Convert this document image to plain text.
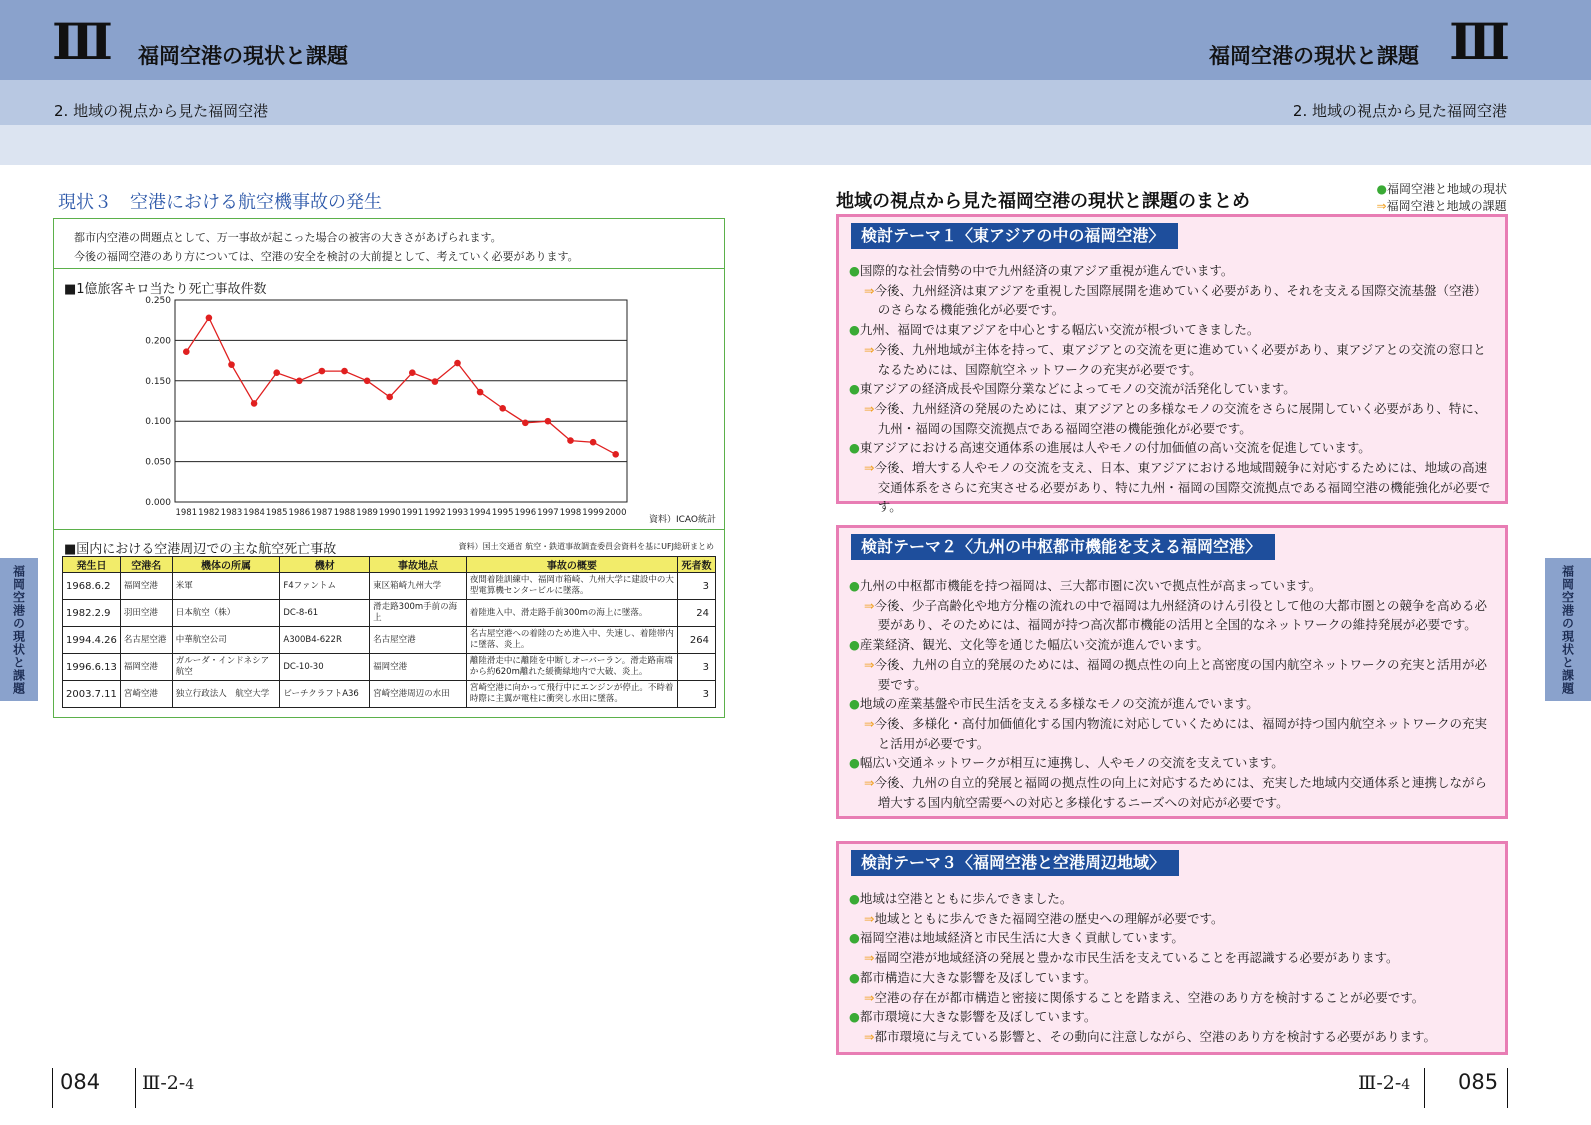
Ⅲ 福岡空港の現状と課題	Ⅲ
福岡空港の現状と課題
2. 地域の視点から見た福岡空港	2. 地域の視点から見た福岡空港
福岡空港の現状と課題	福岡空港の現状と課題
現状３　空港における航空機事故の発生
都市内空港の問題点として、万一事故が起こった場合の被害の大きさがあげられます。
今後の福岡空港のあり方については、空港の安全を検討の大前提として、考えていく必要があります。
■1億旅客キロ当たり死亡事故件数
0.000
0.050
0.100
0.150
0.200
0.250
1981 1982 1983 1984 1985 1986 1987 1988 1989 1990 1991 1992 1993 1994 1995 1996 1997 1998 1999 2000
資料）ICAO統計
■国内における空港周辺での主な航空死亡事故	資料）国土交通省 航空・鉄道事故調査委員会資料を基にUFJ総研まとめ
発生日	空港名	機体の所属	機材	事故地点	事故の概要	死者数
1968.6.2	福岡空港	米軍	F4ファントム	東区箱崎九州大学	夜間着陸訓練中、福岡市箱崎、九州大学に建設中の大型電算機センタービルに墜落。	3
1982.2.9	羽田空港	日本航空（株）	DC-8-61	滑走路300m手前の海上	着陸進入中、滑走路手前300mの海上に墜落。	24
1994.4.26	名古屋空港	中華航空公司	A300B4-622R	名古屋空港	名古屋空港への着陸のため進入中、失速し、着陸帯内に墜落、炎上。	264
1996.6.13	福岡空港	ガルーダ・インドネシア航空	DC-10-30	福岡空港	離陸滑走中に離陸を中断しオーバーラン。滑走路南端から約620m離れた緩衝緑地内で大破、炎上。	3
2003.7.11	宮崎空港	独立行政法人　航空大学	ビーチクラフトA36	宮崎空港周辺の水田	宮崎空港に向かって飛行中にエンジンが停止。不時着時際に主翼が電柱に衝突し水田に墜落。	3
地域の視点から見た福岡空港の現状と課題のまとめ
●福岡空港と地域の現状
⇒福岡空港と地域の課題
検討テーマ１〈東アジアの中の福岡空港〉
●国際的な社会情勢の中で九州経済の東アジア重視が進んでいます。
⇒今後、九州経済は東アジアを重視した国際展開を進めていく必要があり、それを支える国際交流基盤（空港）のさらなる機能強化が必要です。
●九州、福岡では東アジアを中心とする幅広い交流が根づいてきました。
⇒今後、九州地域が主体を持って、東アジアとの交流を更に進めていく必要があり、東アジアとの交流の窓口となるためには、国際航空ネットワークの充実が必要です。
●東アジアの経済成長や国際分業などによってモノの交流が活発化しています。
⇒今後、九州経済の発展のためには、東アジアとの多様なモノの交流をさらに展開していく必要があり、特に、九州・福岡の国際交流拠点である福岡空港の機能強化が必要です。
●東アジアにおける高速交通体系の進展は人やモノの付加価値の高い交流を促進しています。
⇒今後、増大する人やモノの交流を支え、日本、東アジアにおける地域間競争に対応するためには、地域の高速交通体系をさらに充実させる必要があり、特に九州・福岡の国際交流拠点である福岡空港の機能強化が必要です。
検討テーマ２〈九州の中枢都市機能を支える福岡空港〉
●九州の中枢都市機能を持つ福岡は、三大都市圏に次いで拠点性が高まっています。
⇒今後、少子高齢化や地方分権の流れの中で福岡は九州経済のけん引役として他の大都市圏との競争を高める必要があり、そのためには、福岡が持つ高次都市機能の活用と全国的なネットワークの維持発展が必要です。
●産業経済、観光、文化等を通じた幅広い交流が進んでいます。
⇒今後、九州の自立的発展のためには、福岡の拠点性の向上と高密度の国内航空ネットワークの充実と活用が必要です。
●地域の産業基盤や市民生活を支える多様なモノの交流が進んでいます。
⇒今後、多様化・高付加価値化する国内物流に対応していくためには、福岡が持つ国内航空ネットワークの充実と活用が必要です。
●幅広い交通ネットワークが相互に連携し、人やモノの交流を支えています。
⇒今後、九州の自立的発展と福岡の拠点性の向上に対応するためには、充実した地域内交通体系と連携しながら増大する国内航空需要への対応と多様化するニーズへの対応が必要です。
検討テーマ３〈福岡空港と空港周辺地域〉
●地域は空港とともに歩んできました。
⇒地域とともに歩んできた福岡空港の歴史への理解が必要です。
●福岡空港は地域経済と市民生活に大きく貢献しています。
⇒福岡空港が地域経済の発展と豊かな市民生活を支えていることを再認識する必要があります。
●都市構造に大きな影響を及ぼしています。
⇒空港の存在が都市構造と密接に関係することを踏まえ、空港のあり方を検討することが必要です。
●都市環境に大きな影響を及ぼしています。
⇒都市環境に与えている影響と、その動向に注意しながら、空港のあり方を検討する必要があります。
084 Ⅲ-2-4	Ⅲ-2-4 085
